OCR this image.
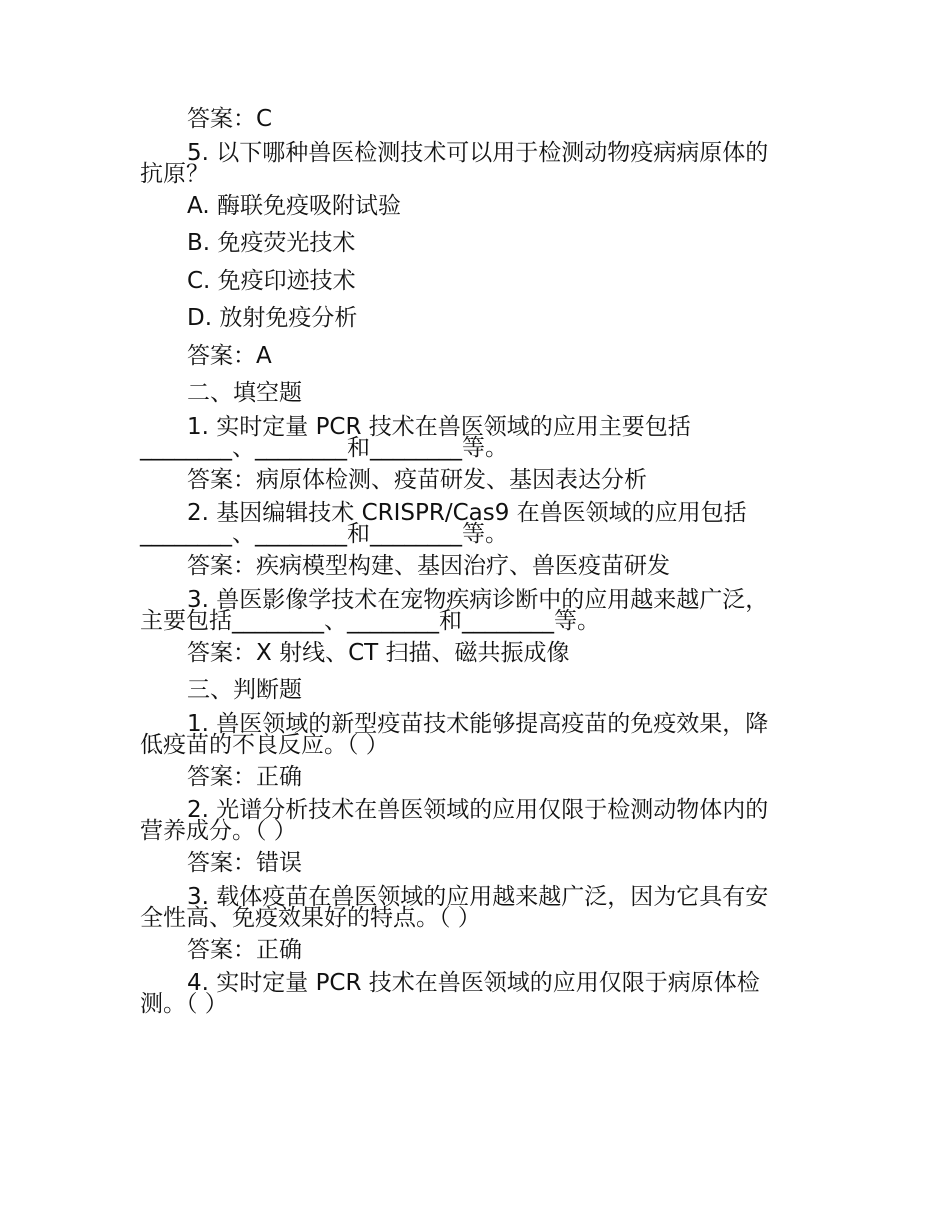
答案：C
5. 以下哪种兽医检测技术可以用于检测动物疫病病原体的
抗原？
A. 酶联免疫吸附试验
B. 免疫荧光技术
C. 免疫印迹技术
D. 放射免疫分析
答案：A
二、填空题
1. 实时定量 PCR 技术在兽医领域的应用主要包括
________、________和________等。
答案：病原体检测、疫苗研发、基因表达分析
2. 基因编辑技术 CRISPR/Cas9 在兽医领域的应用包括
________、________和________等。
答案：疾病模型构建、基因治疗、兽医疫苗研发
3. 兽医影像学技术在宠物疾病诊断中的应用越来越广泛，
主要包括________、________和________等。
答案：X 射线、CT 扫描、磁共振成像
三、判断题
1. 兽医领域的新型疫苗技术能够提高疫苗的免疫效果，降
低疫苗的不良反应。（ ）
答案：正确
2. 光谱分析技术在兽医领域的应用仅限于检测动物体内的
营养成分。（ ）
答案：错误
3. 载体疫苗在兽医领域的应用越来越广泛，因为它具有安
全性高、免疫效果好的特点。（ ）
答案：正确
4. 实时定量 PCR 技术在兽医领域的应用仅限于病原体检
测。（ ）
